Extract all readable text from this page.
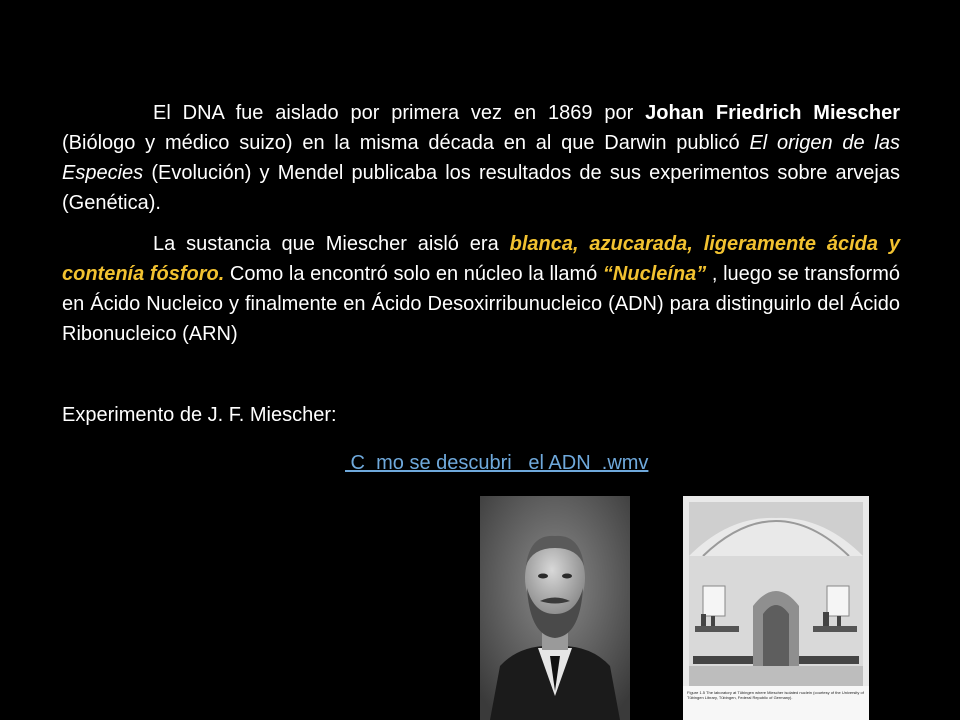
El DNA fue aislado por primera vez en 1869 por Johan Friedrich Miescher (Biólogo y médico suizo) en la misma década en al que Darwin publicó El origen de las Especies (Evolución) y Mendel publicaba los resultados de sus experimentos sobre arvejas (Genética).

La sustancia que Miescher aisló era blanca, azucarada, ligeramente ácida y contenía fósforo. Como la encontró solo en núcleo la llamó “Nucleína” , luego se transformó en Ácido Nucleico y finalmente en Ácido Desoxirribunucleico (ADN) para distinguirlo del Ácido Ribonucleico (ARN)

Experimento de J. F. Miescher:

C  mo se descubri   el ADN  .wmv
Figure 1.5 The laboratory at Tübingen where Miescher isolated nuclein (courtesy of the University of Tübingen Library, Tübingen, Federal Republic of Germany).
